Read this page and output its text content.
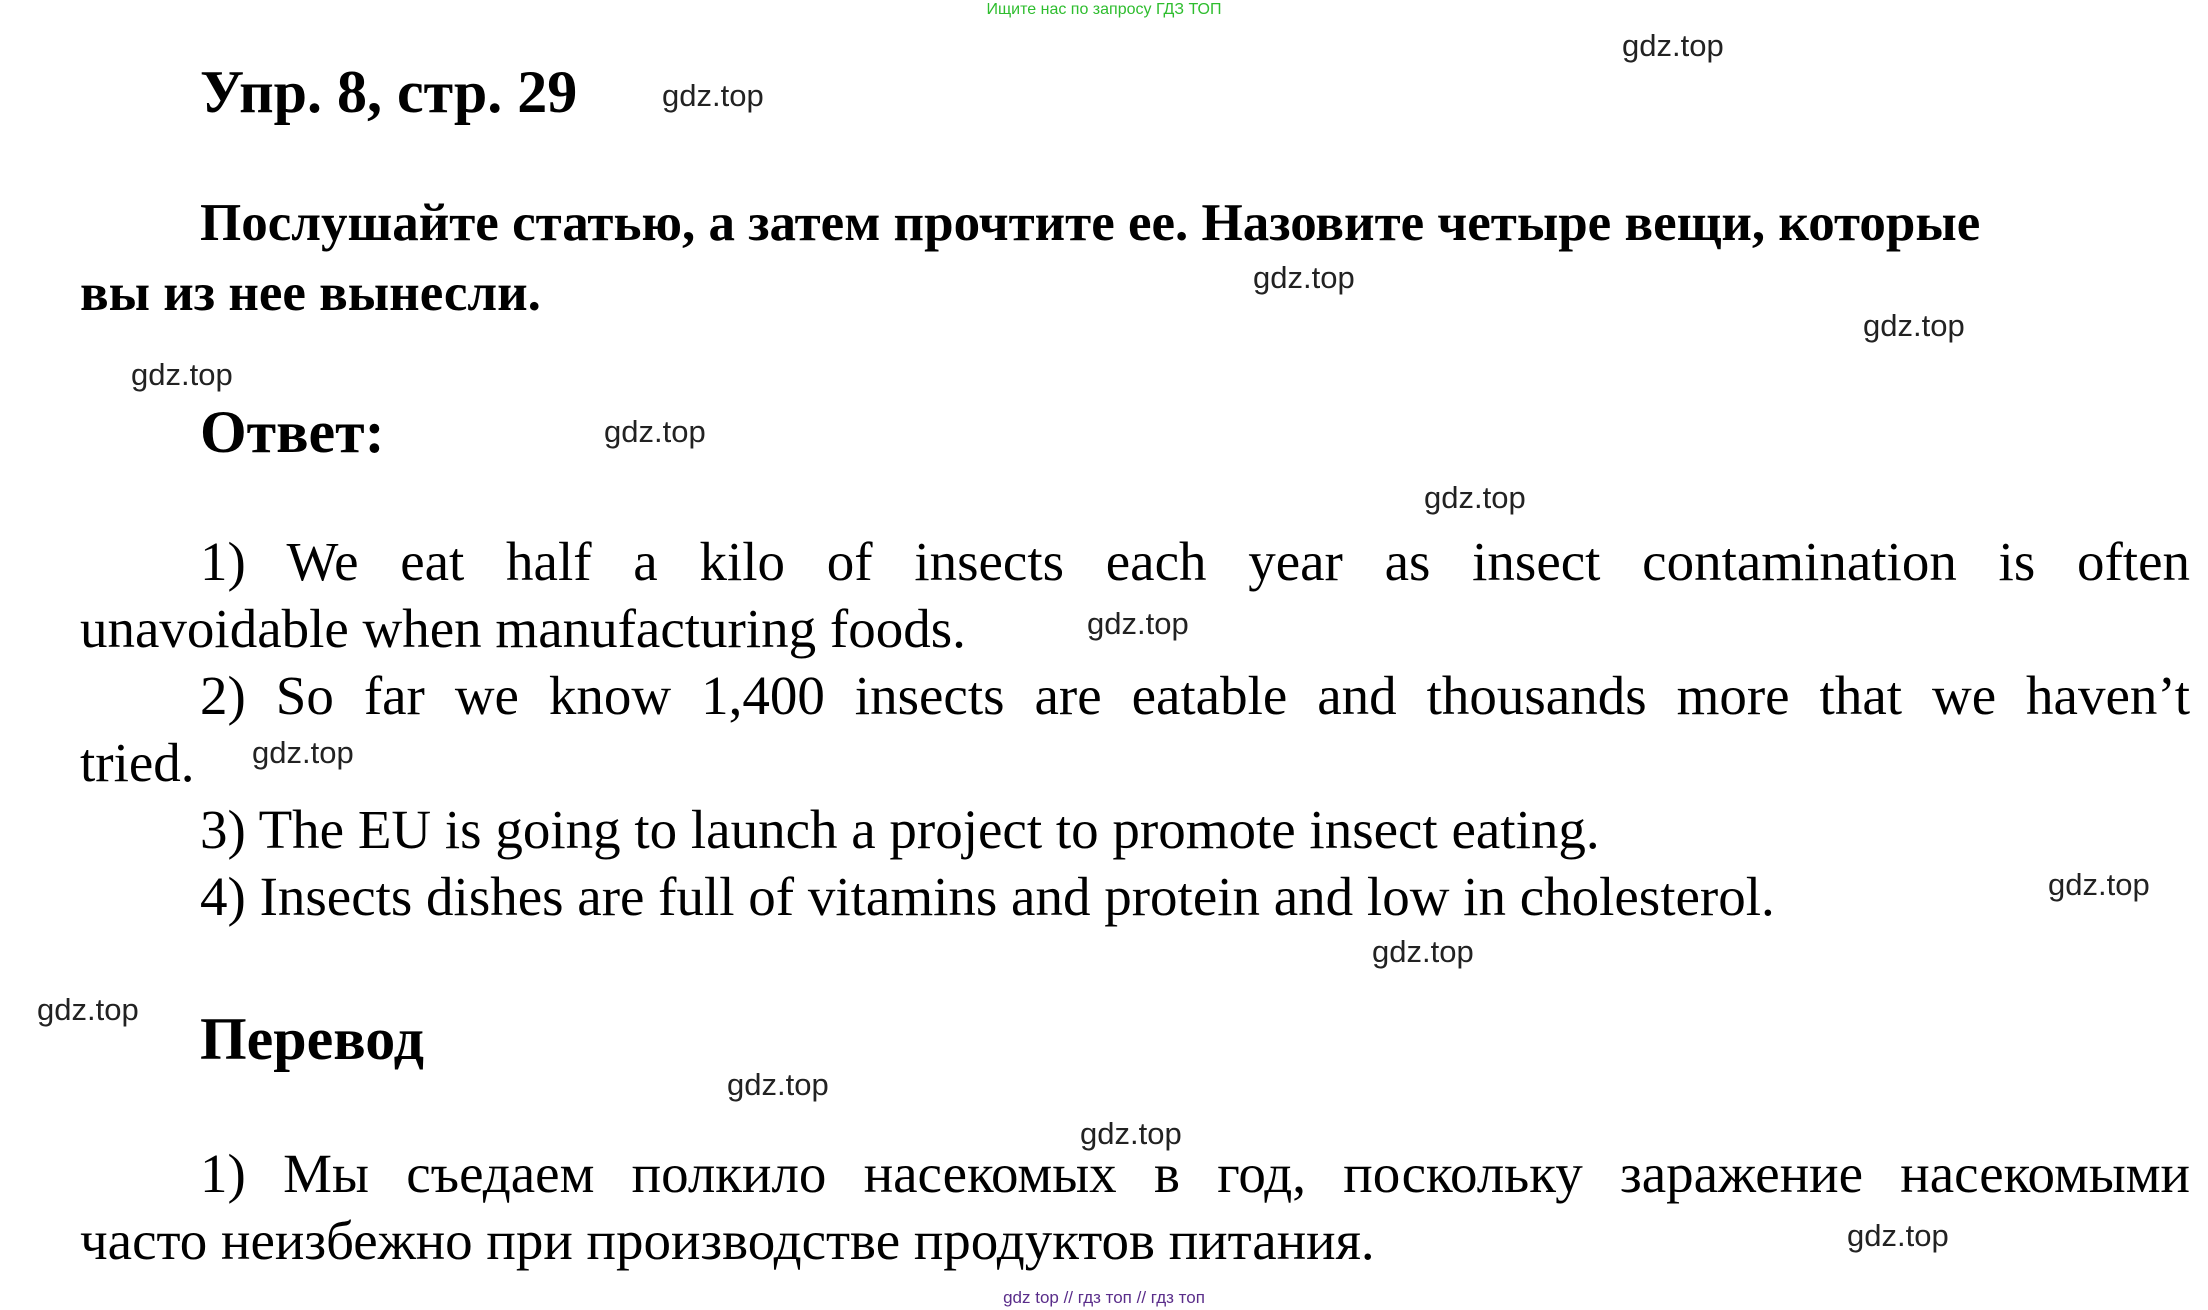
Ищите нас по запросу ГДЗ ТОП
Упр. 8, стр. 29
Послушайте статью, а затем прочтите ее. Назовите четыре вещи, которые
вы из нее вынесли.
Ответ:
1) We eat half a kilo of insects each year as insect contamination is often
unavoidable when manufacturing foods.
2) So far we know 1,400 insects are eatable and thousands more that we haven’t
tried.
3) The EU is going to launch a project to promote insect eating.
4) Insects dishes are full of vitamins and protein and low in cholesterol.
Перевод
1) Мы съедаем полкило насекомых в год, поскольку заражение насекомыми
часто неизбежно при производстве продуктов питания.
gdz.top
gdz.top
gdz.top
gdz.top
gdz.top
gdz.top
gdz.top
gdz.top
gdz.top
gdz.top
gdz.top
gdz.top
gdz.top
gdz.top
gdz.top
gdz top // гдз топ // гдз топ
